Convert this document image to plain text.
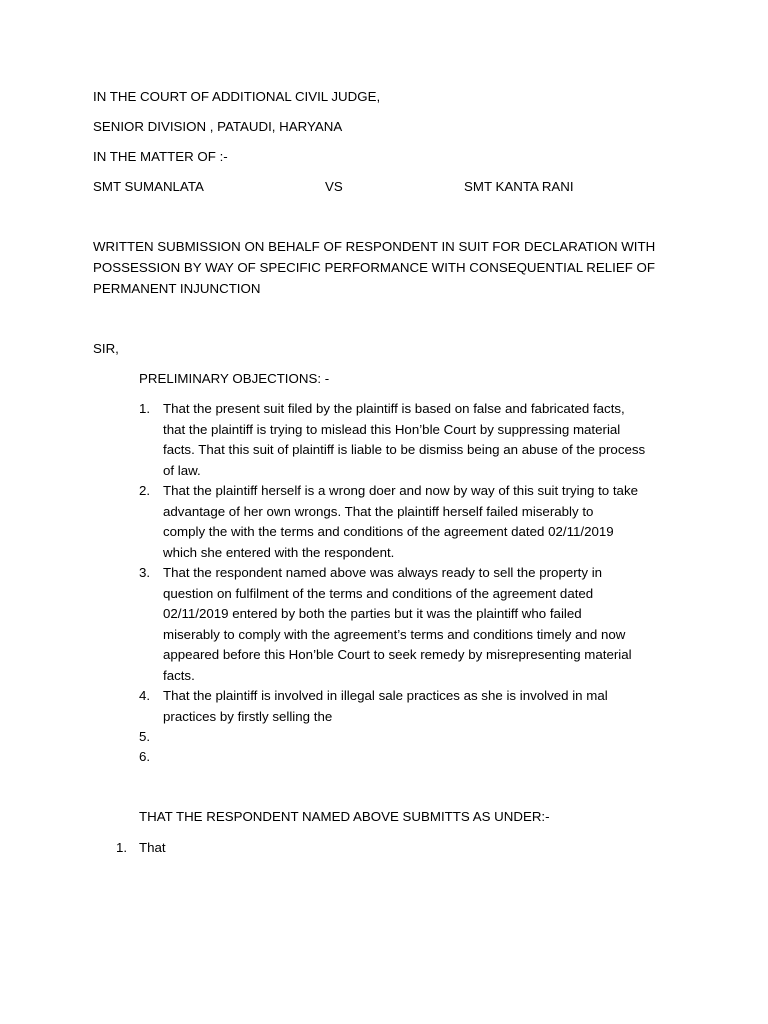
IN THE COURT OF ADDITIONAL CIVIL JUDGE,
SENIOR DIVISION , PATAUDI, HARYANA
IN THE MATTER OF :-
SMT SUMANLATA	VS	SMT KANTA RANI
WRITTEN SUBMISSION ON BEHALF OF RESPONDENT IN SUIT FOR DECLARATION WITH
POSSESSION BY WAY OF SPECIFIC PERFORMANCE WITH CONSEQUENTIAL RELIEF OF
PERMANENT INJUNCTION
SIR,
PRELIMINARY OBJECTIONS: -
1. That the present suit filed by the plaintiff is based on false and fabricated facts,
that the plaintiff is trying to mislead this Hon’ble Court by suppressing material
facts. That this suit of plaintiff is liable to be dismiss being an abuse of the process
of law.
2. That the plaintiff herself is a wrong doer and now by way of this suit trying to take
advantage of her own wrongs. That the plaintiff herself failed miserably to
comply the with the terms and conditions of the agreement dated 02/11/2019
which she entered with the respondent.
3. That the respondent named above was always ready to sell the property in
question on fulfilment of the terms and conditions of the agreement dated
02/11/2019 entered by both the parties but it was the plaintiff who failed
miserably to comply with the agreement’s terms and conditions timely and now
appeared before this Hon’ble Court to seek remedy by misrepresenting material
facts.
4. That the plaintiff is involved in illegal sale practices as she is involved in mal
practices by firstly selling the
5.
6.
THAT THE RESPONDENT NAMED ABOVE SUBMITTS AS UNDER:-
1. That
